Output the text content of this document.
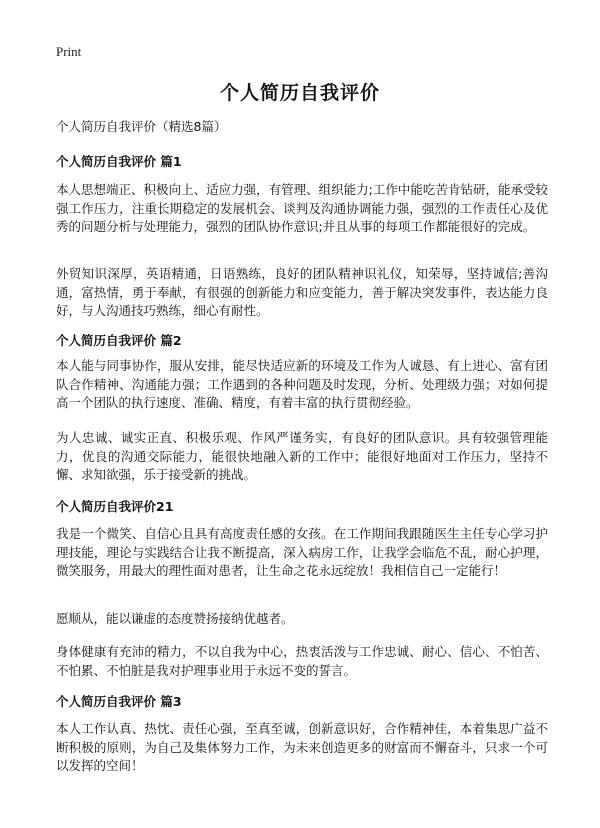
Print
个人简历自我评价

个人简历自我评价（精选8篇）

个人简历自我评价 篇1

本人思想端正、积极向上、适应力强，有管理、组织能力;工作中能吃苦肯钻研，能承受较强工作压力，注重长期稳定的发展机会、谈判及沟通协调能力强，强烈的工作责任心及优秀的问题分析与处理能力，强烈的团队协作意识;并且从事的每项工作都能很好的完成。

外贸知识深厚，英语精通，日语熟练，良好的团队精神识礼仪，知荣辱，坚持诚信;善沟通，富热情，勇于奉献，有很强的创新能力和应变能力，善于解决突发事件，表达能力良好，与人沟通技巧熟练，细心有耐性。

个人简历自我评价 篇2

本人能与同事协作，服从安排，能尽快适应新的环境及工作为人诚恳、有上进心、富有团队合作精神、沟通能力强；工作遇到的各种问题及时发现，分析、处理级力强；对如何提高一个团队的执行速度、准确、精度，有着丰富的执行贯彻经验。

为人忠诚、诚实正直、积极乐观、作风严谨务实，有良好的团队意识。具有较强管理能力，优良的沟通交际能力，能很快地融入新的工作中；能很好地面对工作压力，坚持不懈、求知欲强，乐于接受新的挑战。

个人简历自我评价21

我是一个微笑、自信心且具有高度责任感的女孩。在工作期间我跟随医生主任专心学习护理技能，理论与实践结合让我不断提高，深入病房工作，让我学会临危不乱，耐心护理，微笑服务，用最大的理性面对患者，让生命之花永远绽放！我相信自己一定能行！

愿顺从，能以谦虚的态度赞扬接纳优越者。

身体健康有充沛的精力，不以自我为中心，热衷活泼与工作忠诚、耐心、信心、不怕苦、不怕累、不怕脏是我对护理事业用于永远不变的誓言。

个人简历自我评价 篇3

本人工作认真、热忱、责任心强，至真至诚，创新意识好，合作精神佳，本着集思广益不断积极的原则，为自己及集体努力工作，为未来创造更多的财富而不懈奋斗，只求一个可以发挥的空间！
